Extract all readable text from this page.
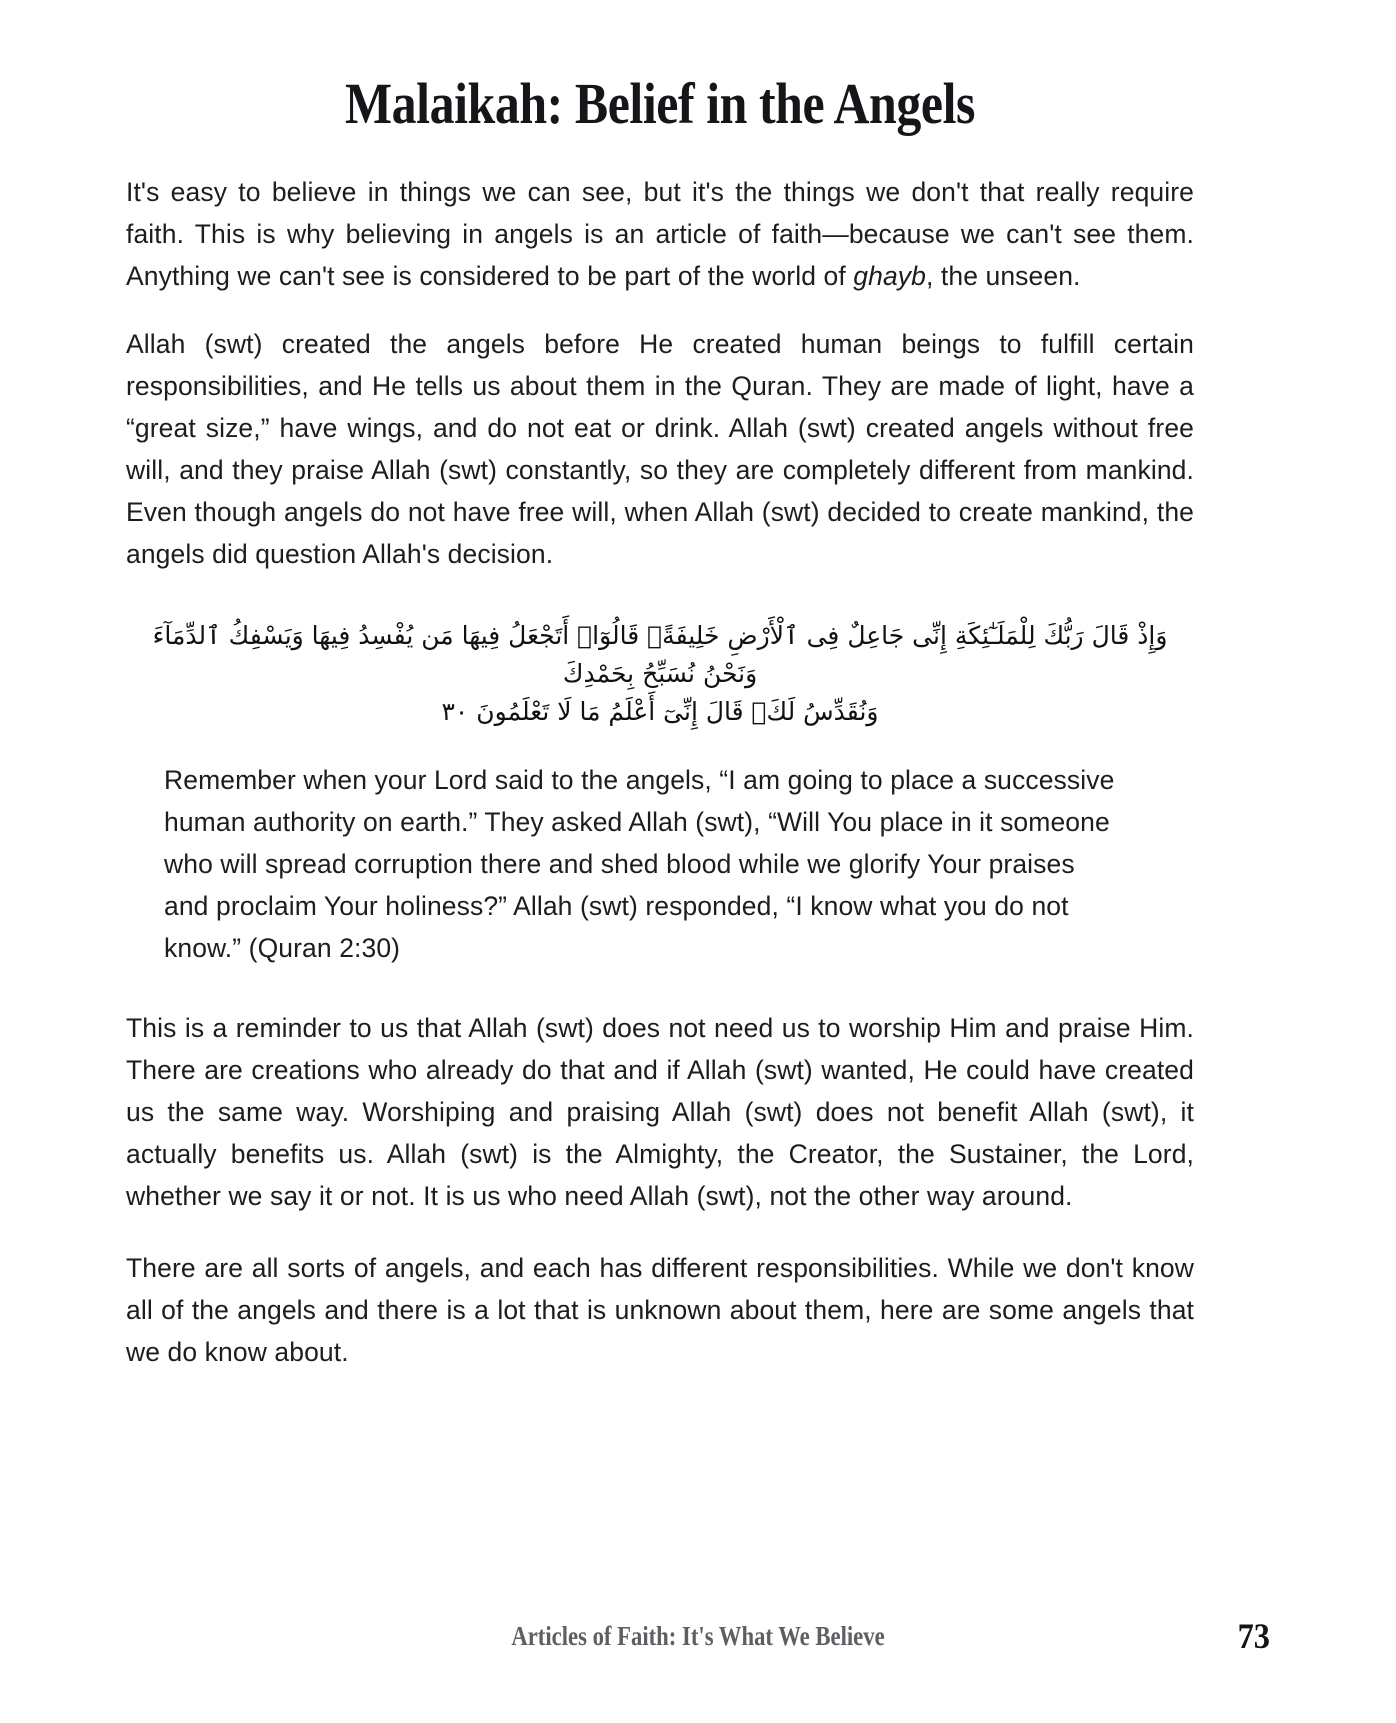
Malaikah: Belief in the Angels

It's easy to believe in things we can see, but it's the things we don't that really require faith. This is why believing in angels is an article of faith—because we can't see them. Anything we can't see is considered to be part of the world of ghayb, the unseen.

Allah (swt) created the angels before He created human beings to fulfill certain responsibilities, and He tells us about them in the Quran. They are made of light, have a “great size,” have wings, and do not eat or drink. Allah (swt) created angels without free will, and they praise Allah (swt) constantly, so they are completely different from mankind. Even though angels do not have free will, when Allah (swt) decided to create mankind, the angels did question Allah's decision.

وَإِذْ قَالَ رَبُّكَ لِلْمَلَـٰٓئِكَةِ إِنِّى جَاعِلٌ فِى ٱلْأَرْضِ خَلِيفَةًۖ قَالُوٓا۟ أَتَجْعَلُ فِيهَا مَن يُفْسِدُ فِيهَا وَيَسْفِكُ ٱلدِّمَآءَ وَنَحْنُ نُسَبِّحُ بِحَمْدِكَ
وَنُقَدِّسُ لَكَۖ قَالَ إِنِّىٓ أَعْلَمُ مَا لَا تَعْلَمُونَ ٣٠

Remember when your Lord said to the angels, “I am going to place a successive human authority on earth.” They asked Allah (swt), “Will You place in it someone who will spread corruption there and shed blood while we glorify Your praises and proclaim Your holiness?” Allah (swt) responded, “I know what you do not know.” (Quran 2:30)

This is a reminder to us that Allah (swt) does not need us to worship Him and praise Him. There are creations who already do that and if Allah (swt) wanted, He could have created us the same way. Worshiping and praising Allah (swt) does not benefit Allah (swt), it actually benefits us. Allah (swt) is the Almighty, the Creator, the Sustainer, the Lord, whether we say it or not. It is us who need Allah (swt), not the other way around.

There are all sorts of angels, and each has different responsibilities. While we don't know all of the angels and there is a lot that is unknown about them, here are some angels that we do know about.

Articles of Faith: It's What We Believe	73
